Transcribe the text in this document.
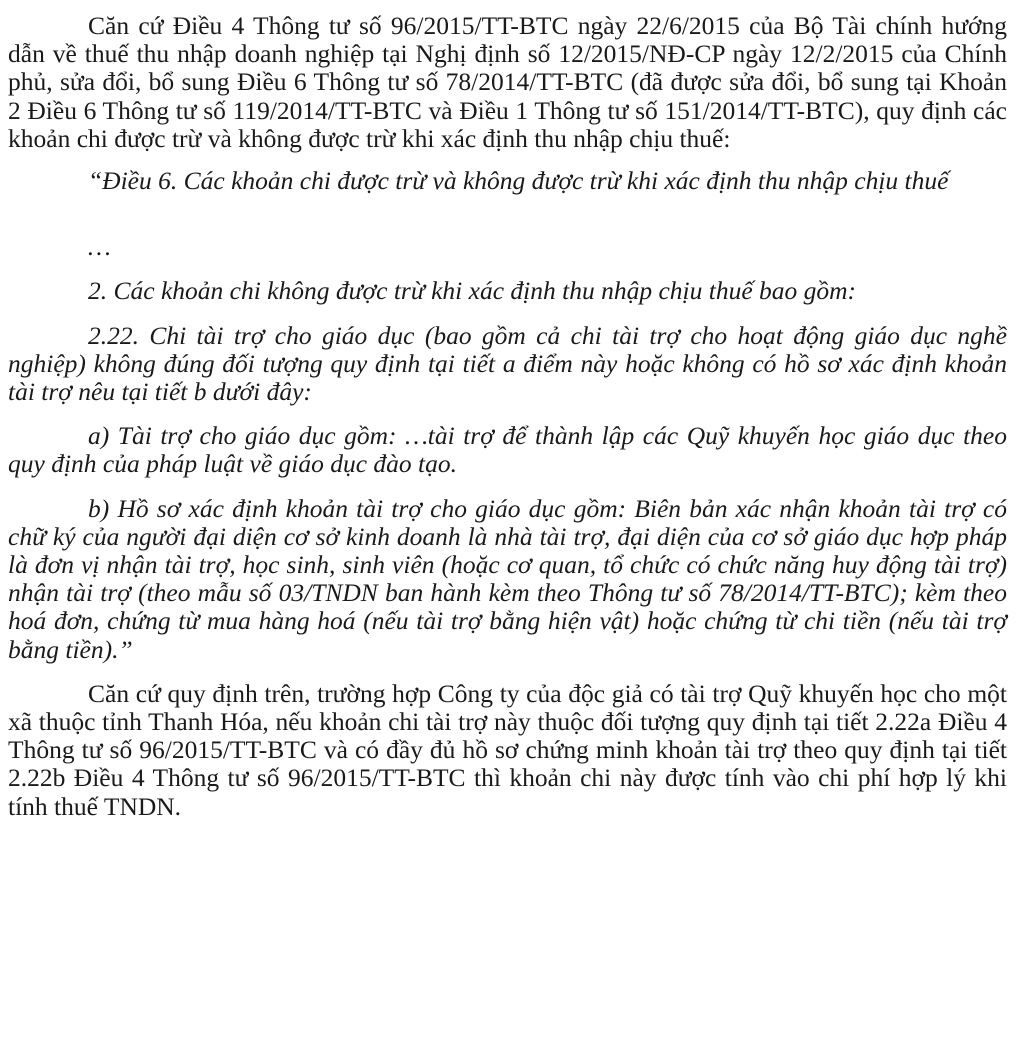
Căn cứ Điều 4 Thông tư số 96/2015/TT-BTC ngày 22/6/2015 của Bộ Tài chính hướng dẫn về thuế thu nhập doanh nghiệp tại Nghị định số 12/2015/NĐ-CP ngày 12/2/2015 của Chính phủ, sửa đổi, bổ sung Điều 6 Thông tư số 78/2014/TT-BTC (đã được sửa đổi, bổ sung tại Khoản 2 Điều 6 Thông tư số 119/2014/TT-BTC và Điều 1 Thông tư số 151/2014/TT-BTC), quy định các khoản chi được trừ và không được trừ khi xác định thu nhập chịu thuế:

“Điều 6. Các khoản chi được trừ và không được trừ khi xác định thu nhập chịu thuế

…

2. Các khoản chi không được trừ khi xác định thu nhập chịu thuế bao gồm:

2.22. Chi tài trợ cho giáo dục (bao gồm cả chi tài trợ cho hoạt động giáo dục nghề nghiệp) không đúng đối tượng quy định tại tiết a điểm này hoặc không có hồ sơ xác định khoản tài trợ nêu tại tiết b dưới đây:

a) Tài trợ cho giáo dục gồm: …tài trợ để thành lập các Quỹ khuyến học giáo dục theo quy định của pháp luật về giáo dục đào tạo.

b) Hồ sơ xác định khoản tài trợ cho giáo dục gồm: Biên bản xác nhận khoản tài trợ có chữ ký của người đại diện cơ sở kinh doanh là nhà tài trợ, đại diện của cơ sở giáo dục hợp pháp là đơn vị nhận tài trợ, học sinh, sinh viên (hoặc cơ quan, tổ chức có chức năng huy động tài trợ) nhận tài trợ (theo mẫu số 03/TNDN ban hành kèm theo Thông tư số 78/2014/TT-BTC); kèm theo hoá đơn, chứng từ mua hàng hoá (nếu tài trợ bằng hiện vật) hoặc chứng từ chi tiền (nếu tài trợ bằng tiền).”

Căn cứ quy định trên, trường hợp Công ty của độc giả có tài trợ Quỹ khuyến học cho một xã thuộc tỉnh Thanh Hóa, nếu khoản chi tài trợ này thuộc đối tượng quy định tại tiết 2.22a Điều 4 Thông tư số 96/2015/TT-BTC và có đầy đủ hồ sơ chứng minh khoản tài trợ theo quy định tại tiết 2.22b Điều 4 Thông tư số 96/2015/TT-BTC thì khoản chi này được tính vào chi phí hợp lý khi tính thuế TNDN.
